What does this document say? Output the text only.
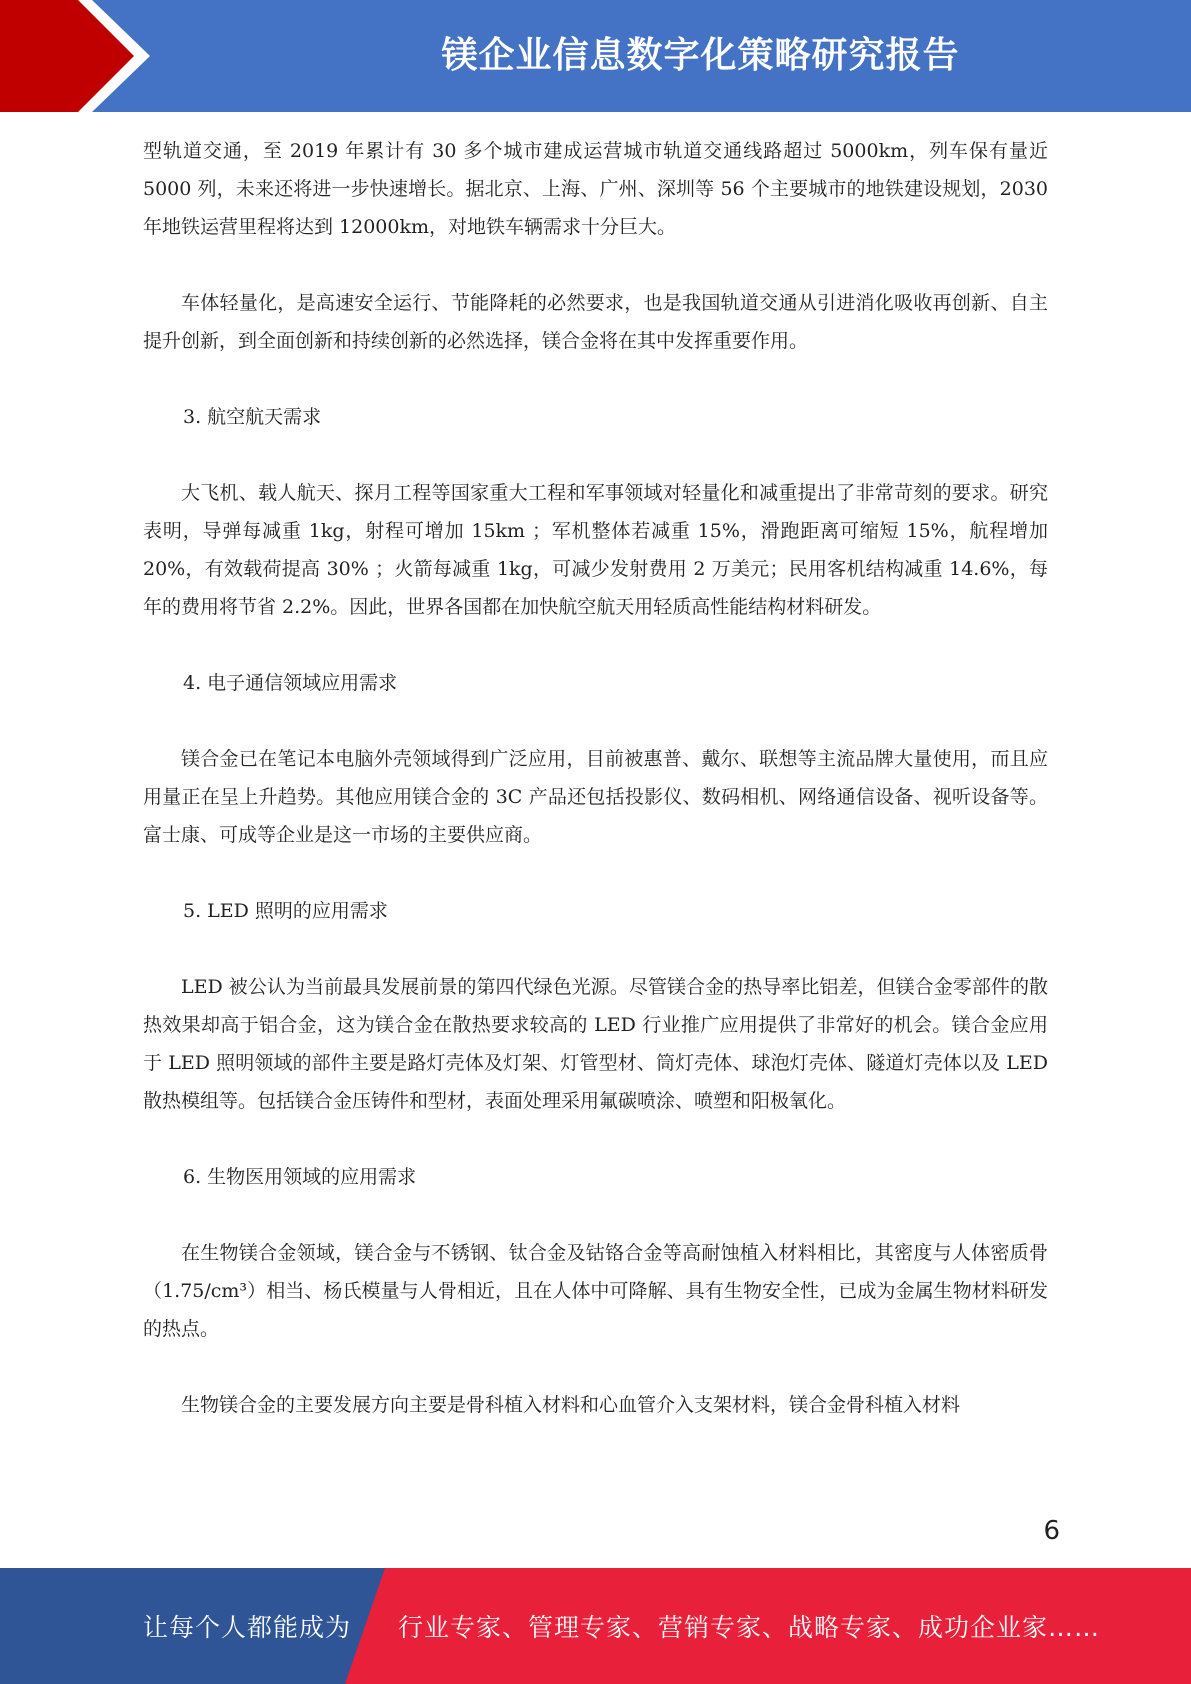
镁企业信息数字化策略研究报告

型轨道交通，至 2019 年累计有 30 多个城市建成运营城市轨道交通线路超过 5000km，列车保有量近 5000 列，未来还将进一步快速增长。据北京、上海、广州、深圳等 56 个主要城市的地铁建设规划，2030 年地铁运营里程将达到 12000km，对地铁车辆需求十分巨大。

车体轻量化，是高速安全运行、节能降耗的必然要求，也是我国轨道交通从引进消化吸收再创新、自主提升创新，到全面创新和持续创新的必然选择，镁合金将在其中发挥重要作用。

3. 航空航天需求

大飞机、载人航天、探月工程等国家重大工程和军事领域对轻量化和减重提出了非常苛刻的要求。研究表明，导弹每减重 1kg，射程可增加 15km ；军机整体若减重 15%，滑跑距离可缩短 15%，航程增加 20%，有效载荷提高 30% ；火箭每减重 1kg，可减少发射费用 2 万美元；民用客机结构减重 14.6%，每年的费用将节省 2.2%。因此，世界各国都在加快航空航天用轻质高性能结构材料研发。

4. 电子通信领域应用需求

镁合金已在笔记本电脑外壳领域得到广泛应用，目前被惠普、戴尔、联想等主流品牌大量使用，而且应用量正在呈上升趋势。其他应用镁合金的 3C 产品还包括投影仪、数码相机、网络通信设备、视听设备等。富士康、可成等企业是这一市场的主要供应商。

5. LED 照明的应用需求

LED 被公认为当前最具发展前景的第四代绿色光源。尽管镁合金的热导率比铝差，但镁合金零部件的散热效果却高于铝合金，这为镁合金在散热要求较高的 LED 行业推广应用提供了非常好的机会。镁合金应用于 LED 照明领域的部件主要是路灯壳体及灯架、灯管型材、筒灯壳体、球泡灯壳体、隧道灯壳体以及 LED 散热模组等。包括镁合金压铸件和型材，表面处理采用氟碳喷涂、喷塑和阳极氧化。

6. 生物医用领域的应用需求

在生物镁合金领域，镁合金与不锈钢、钛合金及钴铬合金等高耐蚀植入材料相比，其密度与人体密质骨（1.75/cm³）相当、杨氏模量与人骨相近，且在人体中可降解、具有生物安全性，已成为金属生物材料研发的热点。

生物镁合金的主要发展方向主要是骨科植入材料和心血管介入支架材料，镁合金骨科植入材料

6
让每个人都能成为 行业专家、管理专家、营销专家、战略专家、成功企业家……
